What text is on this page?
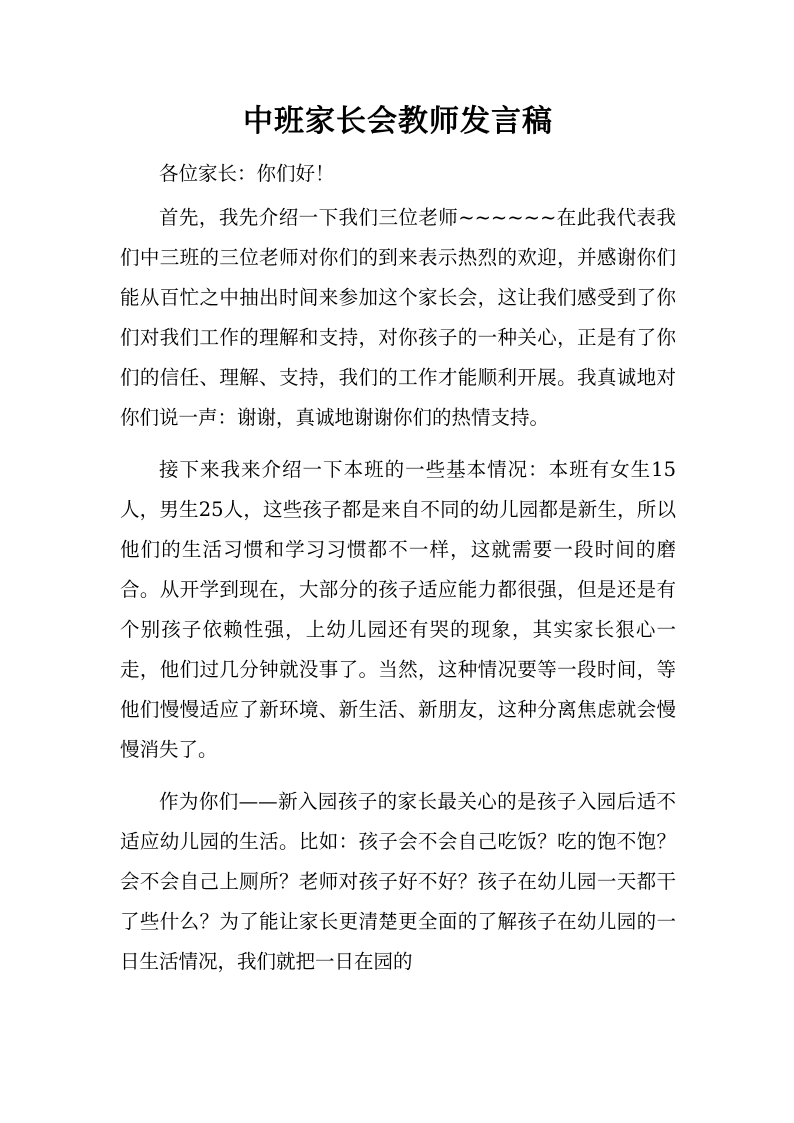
中班家长会教师发言稿

各位家长：你们好！

首先，我先介绍一下我们三位老师~~~~~~在此我代表我们中三班的三位老师对你们的到来表示热烈的欢迎，并感谢你们能从百忙之中抽出时间来参加这个家长会，这让我们感受到了你们对我们工作的理解和支持，对你孩子的一种关心，正是有了你们的信任、理解、支持，我们的工作才能顺利开展。我真诚地对你们说一声：谢谢，真诚地谢谢你们的热情支持。

接下来我来介绍一下本班的一些基本情况：本班有女生15人，男生25人，这些孩子都是来自不同的幼儿园都是新生，所以他们的生活习惯和学习习惯都不一样，这就需要一段时间的磨合。从开学到现在，大部分的孩子适应能力都很强，但是还是有个别孩子依赖性强，上幼儿园还有哭的现象，其实家长狠心一走，他们过几分钟就没事了。当然，这种情况要等一段时间，等他们慢慢适应了新环境、新生活、新朋友，这种分离焦虑就会慢慢消失了。

作为你们——新入园孩子的家长最关心的是孩子入园后适不适应幼儿园的生活。比如：孩子会不会自己吃饭？吃的饱不饱？会不会自己上厕所？老师对孩子好不好？孩子在幼儿园一天都干了些什么？为了能让家长更清楚更全面的了解孩子在幼儿园的一日生活情况，我们就把一日在园的
